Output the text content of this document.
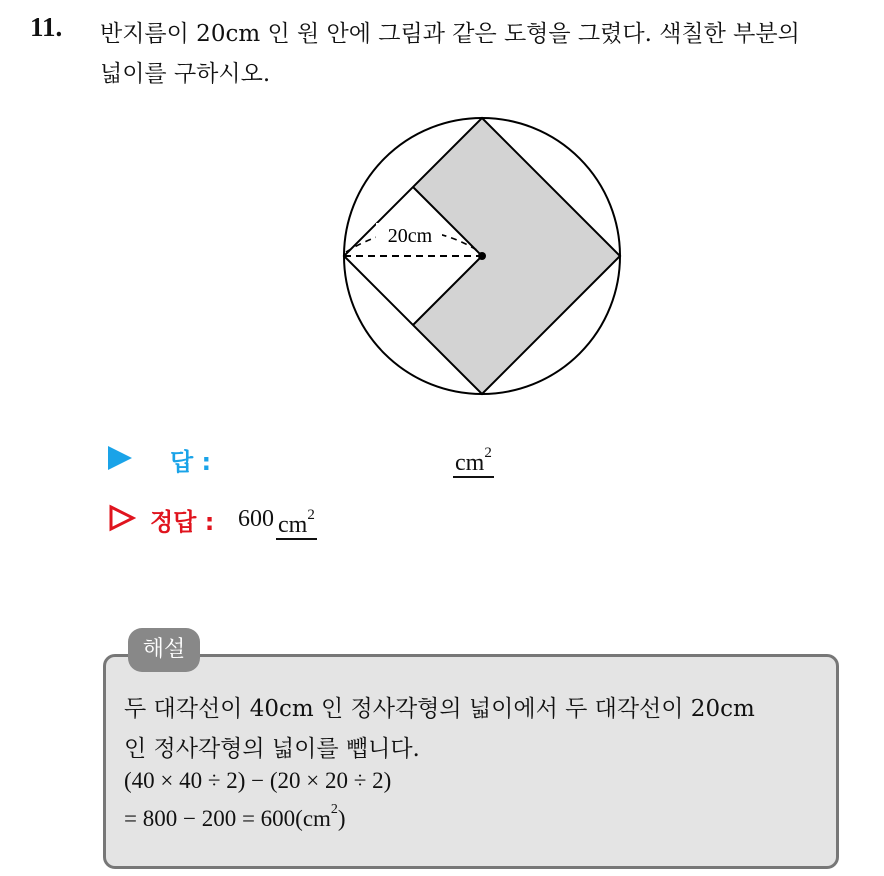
11. 반지름이 20cm 인 원 안에 그림과 같은 도형을 그렸다. 색칠한 부분의
넓이를 구하시오.
20cm
답 :	$cm^2$
정답 : 600 $cm^2$
해설
두 대각선이 40cm 인 정사각형의 넓이에서 두 대각선이 20cm
인 정사각형의 넓이를 뺍니다.
(40 × 40 ÷ 2) − (20 × 20 ÷ 2)
= $800 - 200 = 600(cm^2)$
